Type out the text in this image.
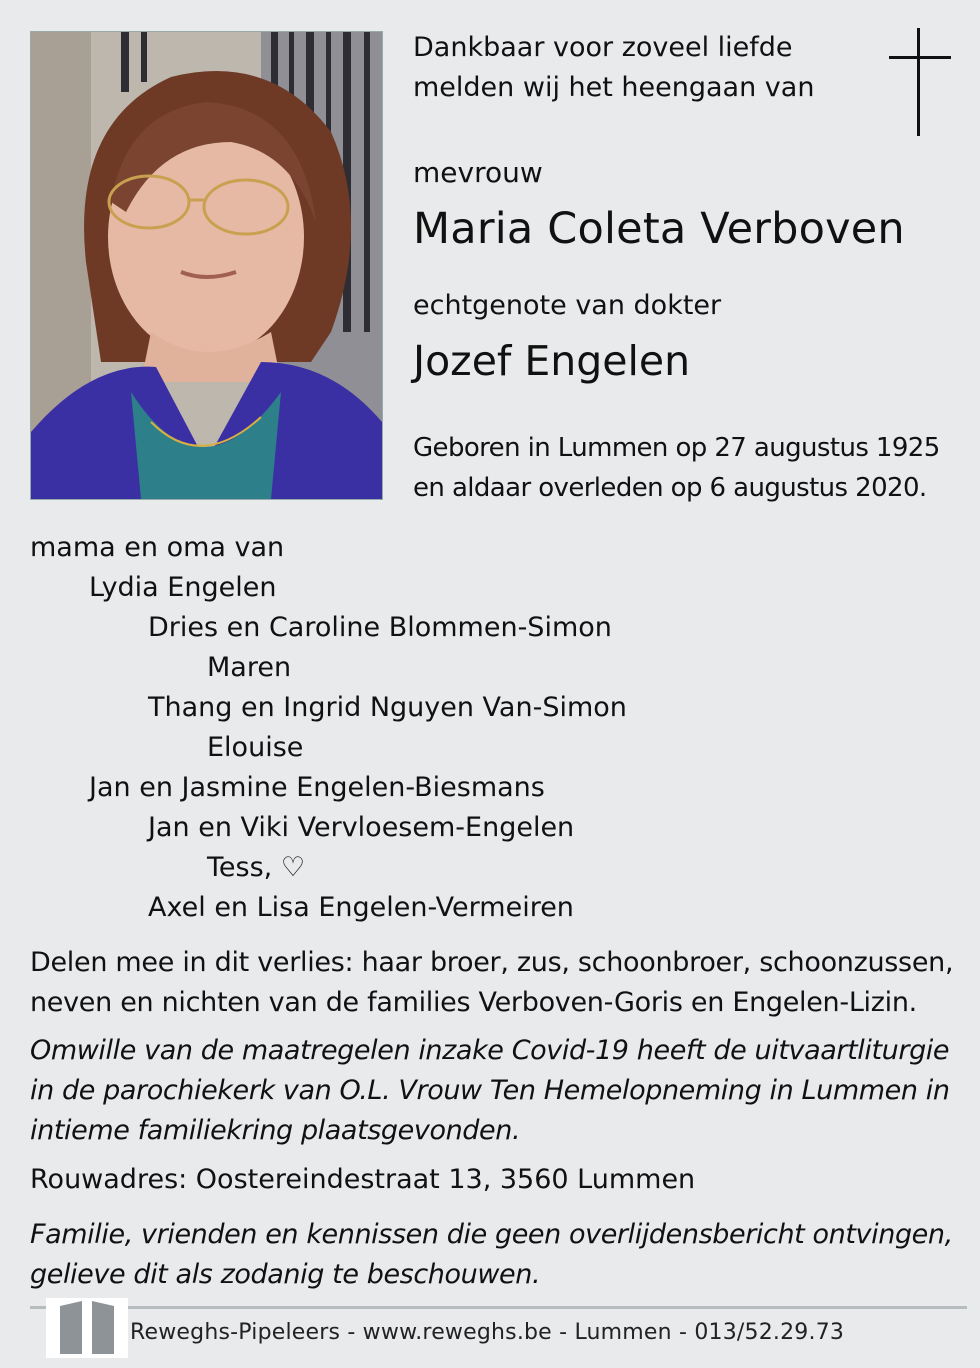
Dankbaar voor zoveel liefde
melden wij het heengaan van
mevrouw
Maria Coleta Verboven
echtgenote van dokter
Jozef Engelen
Geboren in Lummen op 27 augustus 1925
en aldaar overleden op 6 augustus 2020.
mama en oma van
Lydia Engelen
Dries en Caroline Blommen-Simon
Maren
Thang en Ingrid Nguyen Van-Simon
Elouise
Jan en Jasmine Engelen-Biesmans
Jan en Viki Vervloesem-Engelen
Tess, ♡
Axel en Lisa Engelen-Vermeiren
Delen mee in dit verlies: haar broer, zus, schoonbroer, schoonzussen,
neven en nichten van de families Verboven-Goris en Engelen-Lizin.
Omwille van de maatregelen inzake Covid-19 heeft de uitvaartliturgie
in de parochiekerk van O.L. Vrouw Ten Hemelopneming in Lummen in
intieme familiekring plaatsgevonden.
Rouwadres: Oostereindestraat 13, 3560 Lummen
Familie, vrienden en kennissen die geen overlijdensbericht ontvingen,
gelieve dit als zodanig te beschouwen.
Reweghs-Pipeleers - www.reweghs.be - Lummen - 013/52.29.73
